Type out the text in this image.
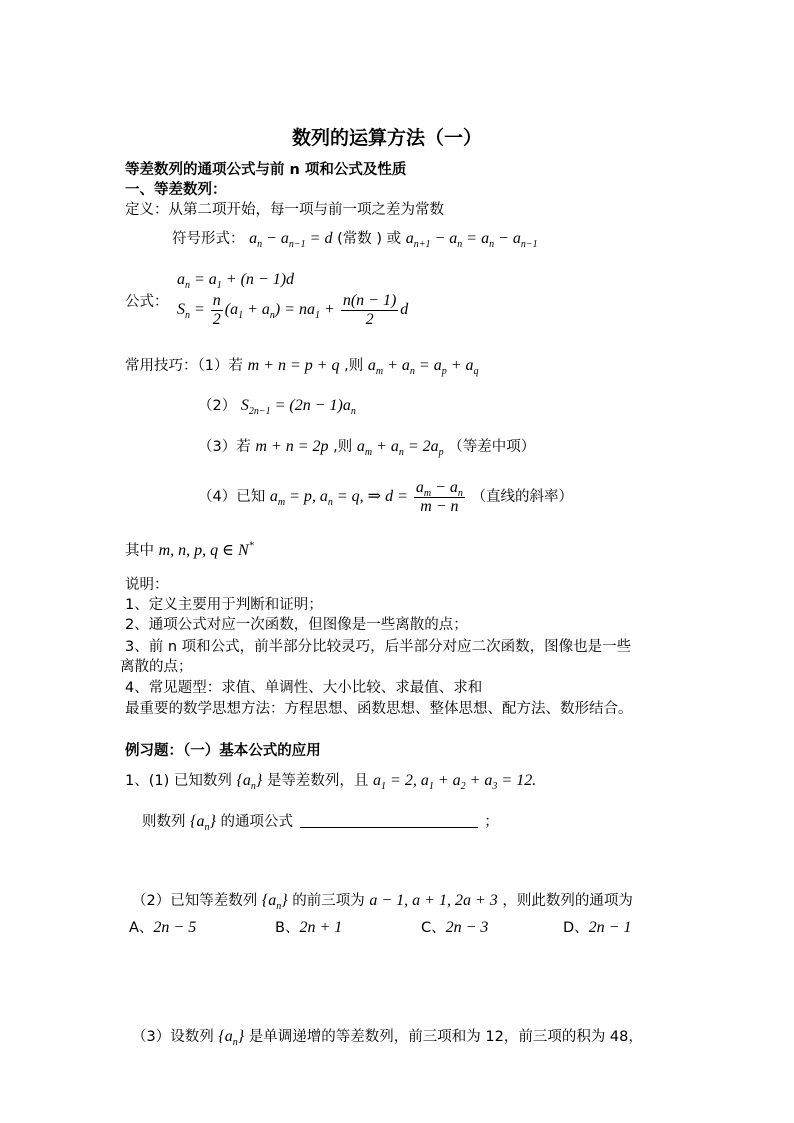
数列的运算方法（一）
等差数列的通项公式与前 n 项和公式及性质
一、等差数列：
定义：从第二项开始，每一项与前一项之差为常数
符号形式： $a_n - a_{n-1} = d$ (常数 ) 或 $a_{n+1} - a_n = a_n - a_{n-1}$
$a_n = a_1 + (n - 1)d$
公式： $S_n = \frac{n}{2} (a_1 + a_n) = na_1 + \frac{n(n - 1)}{2}$ d
常用技巧：（1）若 m + n = p + q ,则 $a_m + a_n = a_p + a_q$
（2） $S_{2n-1} = (2n - 1)a_n$
（3）若 m + n = 2p ,则 $a_m + a_n = 2a_p$ （等差中项）
（4）已知 $a_m = p$, $a_n = q$, ⇒ $d = \frac{a_m - a_n}{m - n}$ （直线的斜率）
其中 m, n, p, q ∈ N*
说明：
1、定义主要用于判断和证明；
2、通项公式对应一次函数，但图像是一些离散的点；
3、前 n 项和公式，前半部分比较灵巧，后半部分对应二次函数，图像也是一些
离散的点；
4、常见题型：求值、单调性、大小比较、求最值、求和
最重要的数学思想方法：方程思想、函数思想、整体思想、配方法、数形结合。
例习题：（一）基本公式的应用
1、(1) 已知数列 $\{a_n\}$ 是等差数列，且 $a_1 = 2$, $a_1 + a_2 + a_3 = 12$.
则数列 $\{a_n\}$ 的通项公式	；
（2）已知等差数列 $\{a_n\}$ 的前三项为 a − 1, a + 1, 2a + 3 ，则此数列的通项为
A、2n − 5	B、2n + 1	C、2n − 3	D、2n − 1
（3）设数列 $\{a_n\}$ 是单调递增的等差数列，前三项和为 12，前三项的积为 48，
